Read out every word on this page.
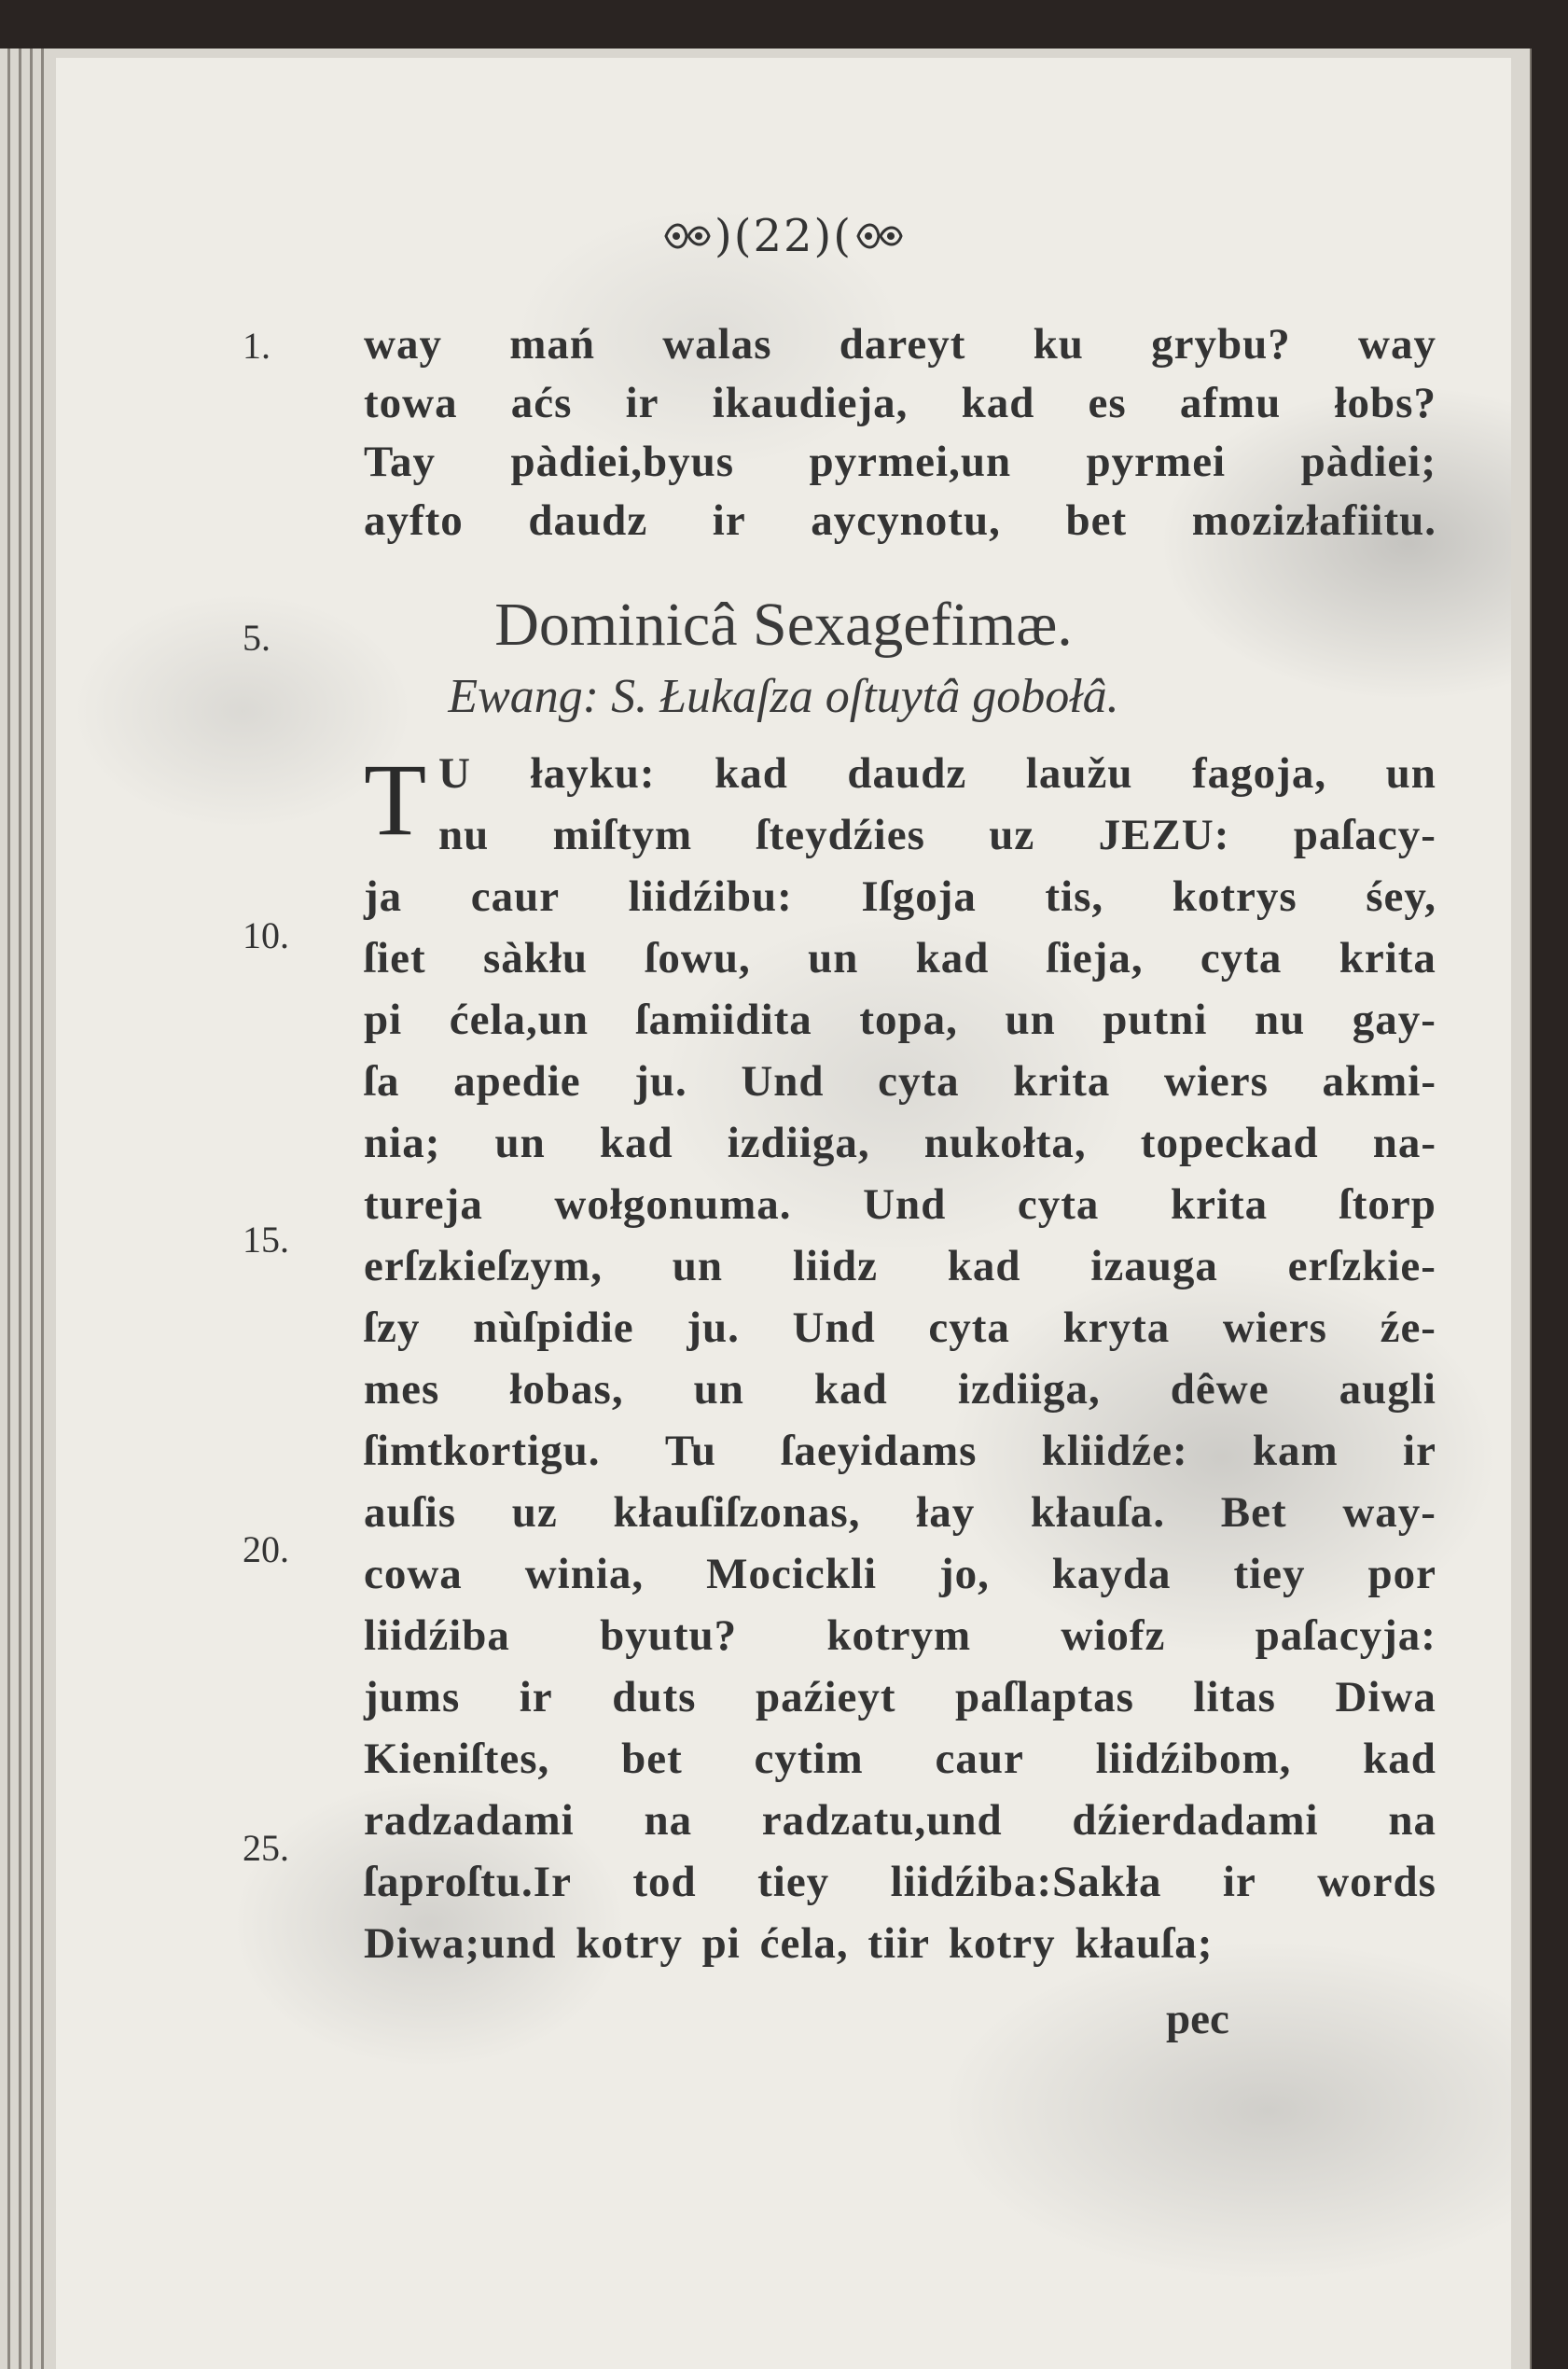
)(22)(
1.
5.
10.
15.
20.
25.
way mań walas dareyt ku grybu? way
towa aćs ir ikaudieja, kad es afmu łobs?
Tay pàdiei,byus pyrmei,un pyrmei pàdiei;
ayfto daudz ir aycynotu, bet mozizłafiitu.
Dominicâ Sexagefimæ.
Ewang: S. Łukaſza oſtuytâ gobołâ.
T U łayku: kad daudz laužu fagoja, un
nu miſtym ſteydźies uz JEZU: paſacy-
ja caur liidźibu: Iſgoja tis, kotrys śey,
ſiet sàkłu ſowu, un kad ſieja, cyta krita
pi ćela,un ſamiidita topa, un putni nu gay-
ſa apedie ju. Und cyta krita wiers akmi-
nia; un kad izdiiga, nukołta, topeckad na-
tureja wołgonuma. Und cyta krita ſtorp
erſzkieſzym, un liidz kad izauga erſzkie-
ſzy nùſpidie ju. Und cyta kryta wiers źe-
mes łobas, un kad izdiiga, dêwe augli
ſimtkortigu. Tu ſaeyidams kliidźe: kam ir
auſis uz kłauſiſzonas, łay kłauſa. Bet way-
cowa winia, Mocickli jo, kayda tiey por
liidźiba byutu? kotrym wiofz paſacyja:
jums ir duts paźieyt paſlaptas litas Diwa
Kieniſtes, bet cytim caur liidźibom, kad
radzadami na radzatu,und dźierdadami na
ſaproſtu.Ir tod tiey liidźiba:Sakła ir words
Diwa;und kotry pi ćela, tiir kotry kłauſa;
pec
